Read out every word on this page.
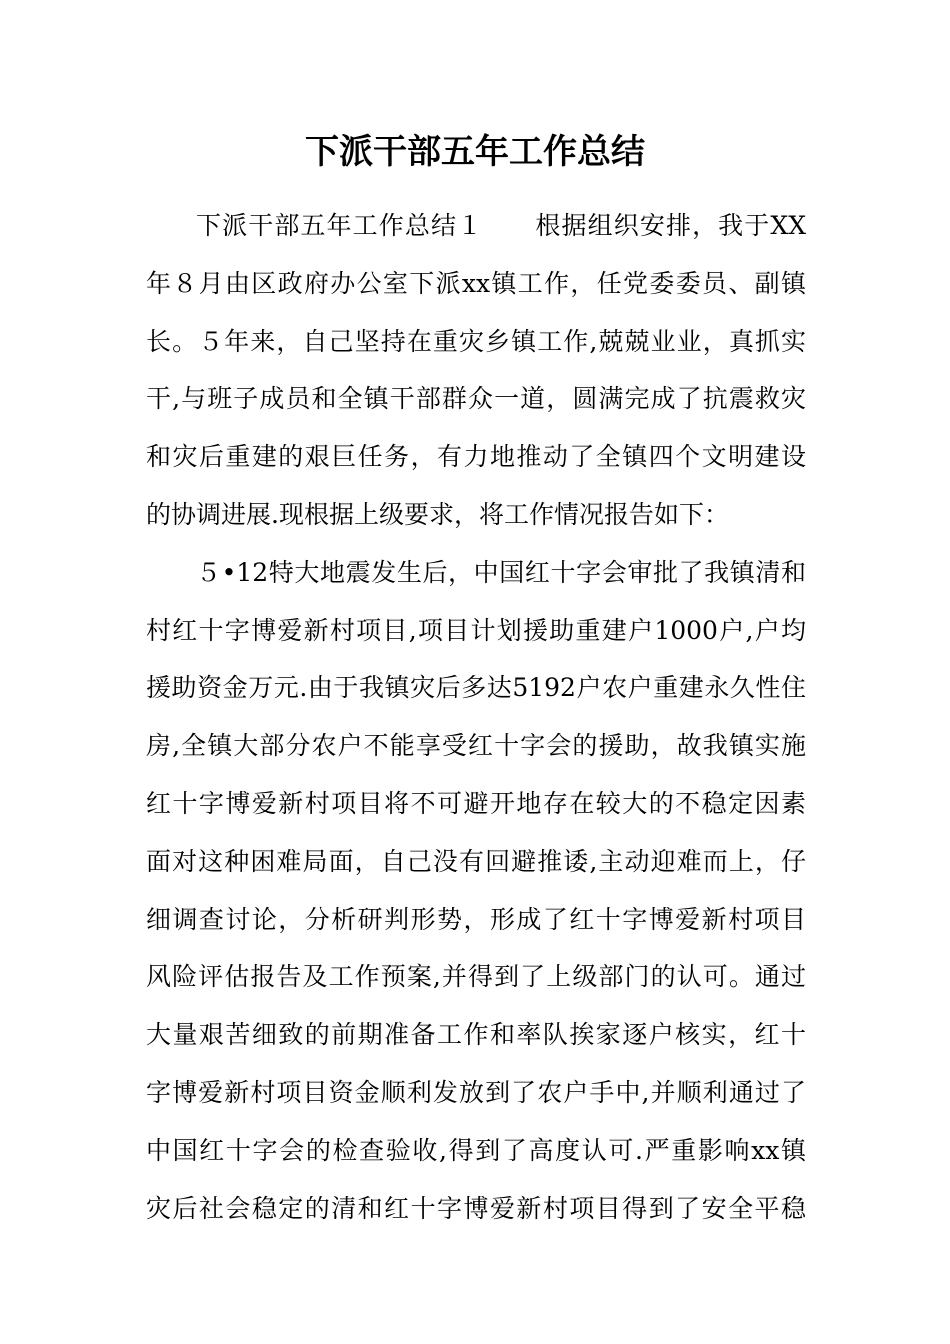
下派干部五年工作总结
下派干部五年工作总结１　　根据组织安排，我于XX
年８月由区政府办公室下派xx镇工作，任党委委员、副镇
长。５年来，自己坚持在重灾乡镇工作,兢兢业业，真抓实
干,与班子成员和全镇干部群众一道，圆满完成了抗震救灾
和灾后重建的艰巨任务，有力地推动了全镇四个文明建设
的协调进展.现根据上级要求，将工作情况报告如下：
５•12特大地震发生后，中国红十字会审批了我镇清和
村红十字博爱新村项目,项目计划援助重建户1000户,户均
援助资金万元.由于我镇灾后多达5192户农户重建永久性住
房,全镇大部分农户不能享受红十字会的援助，故我镇实施
红十字博爱新村项目将不可避开地存在较大的不稳定因素
面对这种困难局面，自己没有回避推诿,主动迎难而上，仔
细调查讨论，分析研判形势，形成了红十字博爱新村项目
风险评估报告及工作预案,并得到了上级部门的认可。通过
大量艰苦细致的前期准备工作和率队挨家逐户核实，红十
字博爱新村项目资金顺利发放到了农户手中,并顺利通过了
中国红十字会的检查验收,得到了高度认可.严重影响xx镇
灾后社会稳定的清和红十字博爱新村项目得到了安全平稳
